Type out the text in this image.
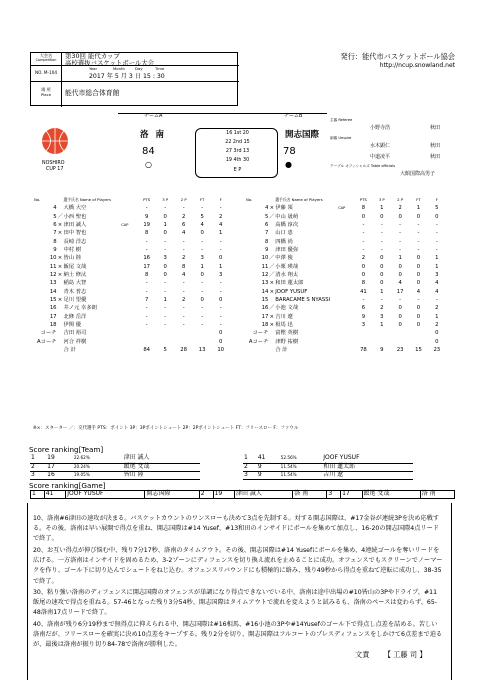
大会名
Competition	第30回 能代カップ
高校選抜バスケットボール大会
NO. M-104
Year	Month	Day	Time
2017 年 5 月 3 日 15 : 30
場 所
Place	能代市総合体育館
発行：能代市バスケットボール協会
http://ncup.snowland.net
NOSHIRO
CUP 17
チームA	チームB
洛 南	開志国際
84	78
○	●
16 1st 20
22 2nd 15
27 3rd 13
19 4th 30
E P
主審 Referee
小野寺浩	秋田
副審 Umpire
水木顕仁	秋田
中道凌平	秋田
テーブル オフィシャルズ Table officials
大館国際高男子
No.		選手氏名 Name of Players		PTS	3 P	2 P	FT	F
4		大橋 大空		-	-	-	-	-
5	／	小西 聖也		9	0	2	5	2
6	×	津田 誠人	CAP	19	1	6	4	4
7	×	田中 智也		8	0	4	0	1
8		長崎 洋志		-	-	-	-	-
9		中村 樹		-	-	-	-	-
10	×	皆山 陸		16	3	2	3	0
11	×	飯尾 文哉		17	0	8	1	1
12	×	納土 修汰		8	0	4	0	3
13		稲島 大智		-	-	-	-	-
14		青木 普志		-	-	-	-	-
15	×	足川 望優		7	1	2	0	0
16		井ノ元 幸多朗		-	-	-	-	-
17		北條 岳洋		-	-	-	-	-
18		伊関 優		-	-	-	-	-
コーチ		吉田 裕司						0
Aコーチ		河合 祥樹						0
		合 計		84	5	28	13	10
No.		選手氏名 Name of Players		PTS	3 P	2 P	FT	F
4	×	伊藤 領	CAP	8	1	2	1	5
5	／	中山 晟萌		0	0	0	0	0
6		高橋 淳次		-	-	-	-	-
7		山口 恵		-	-	-	-	-
8		四橋 尚		-	-	-	-	-
9		津田 優弥		-	-	-	-	-
10	／	中澤 俊		2	0	1	0	1
11	／	小栗 瑛哉		0	0	0	0	1
12	／	清水 翔太		0	0	0	0	3
13	×	和田 蓮太郎		8	0	4	0	4
14	×	JOOF YUSUF		41	1	17	4	4
15		BARACAME S NYASSI		-	-	-	-	-
16	／	小池 文哉		6	2	0	0	2
17	×	吉川 遼		9	3	0	0	1
18	×	相馬 迅		3	1	0	0	2
コーチ		富樫 英樹						0
Aコーチ		津野 祐樹						0
		合 計		78	9	23	15	23
※×：スターター ／：交代選手 PTS：ポイント 3P：3Pポイントシュート 2P：2Pポイントシュート FT：フリースロー F：ファウル
Score ranking[Team]
1	19	22.62%	津田 誠人
2	17	20.24%	飯尾 文哉
3	16	19.05%	皆山 陸
1	41	52.56%	JOOF YUSUF
2	9	11.54%	和田 蓮太郎
3	9	11.54%	吉川 遼
Score ranking[Game]
1	41	JOOF YUSUF	開志国際	2	19	津田 誠人	洛 南	3	17	飯尾 文哉	洛 南

10、洛南#6津田の速攻が決まる。バスケットカウントのワンスローも決めて3点を先制する。対する開志国際は、#17金谷が連続3Pを決め応戦する。その後、洛南は早い展開で得点を重ね、開志国際は#14 Yusef、#13和田のインサイドにボールを集めて加点し、16-20の開志国際4点リードで終了。

20、お互い得点が伸び悩む中、残り7分17秒、洛南のタイムアウト。その後、開志国際は#14 Yusefにボールを集め、4連続ゴールを奪いリードを広げる。一方洛南はインサイドを固めるため、3-2ゾーンにディフェンスを切り換え流れを止めることに成功。オフェンスでもスクリーンでノーマークを作り、ゴール下に切り込んでシュートをねじ込む。オフェンスリバウンドにも積極的に絡み、残り49秒から得点を重ねて逆転に成功し、38-35で終了。

30、粘り強い洛南のディフェンスに開志国際のオフェンスが単調になり得点できないでいる中、洛南は途中出場の#10皆山の3Pやドライブ、#11飯尾の速攻で得点を重ねる。57-46となった残り3分54秒、開志国際はタイムアウトで流れを変えようと試みるも、洛南のペースは変わらず、65-48洛南17点リードで終了。

40、洛南が残り6分19秒まで無得点に抑えられる中、開志国際は#16相馬、#16小池の3Pや#14Yusefのゴール下で得点し点差を詰める。苦しい洛南だが、フリースローを確実に決め10点差をキープする。残り2分を切り、開志国際はフルコートのプレスディフェンスをしかけて6点差まで迫るが、最後は洛南が振り切り84-78で洛南が勝利した。

文責 【 工藤 司 】
